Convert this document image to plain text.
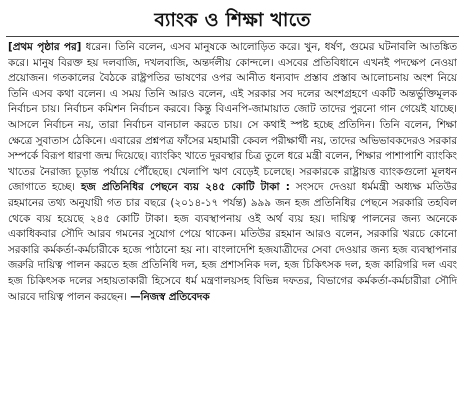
ব্যাংক ও শিক্ষা খাতে

[প্রথম পৃষ্ঠার পর] ধরেন। তিনি বলেন, এসব মানুষকে আলোড়িত করে। খুন, ধর্ষণ, গুমের ঘটনাবলি আতঙ্কিত করে। মানুষ বিরক্ত হয় দলবাজি, দখলবাজি, অন্তর্দলীয় কোন্দলে। এসবের প্রতিবিধানে এখনই পদক্ষেপ নেওয়া প্রয়োজন। গতকালের বৈঠকে রাষ্ট্রপতির ভাষণের ওপর আনীত ধন্যবাদ প্রস্তাব প্রস্তাব আলোচনায় অংশ নিয়ে তিনি এসব কথা বলেন। এ সময় তিনি আরও বলেন, এই সরকার সব দলের অংশগ্রহণে একটি অন্তর্ভুক্তিমূলক নির্বাচন চায়। নির্বাচন কমিশন নির্বাচন করবে। কিন্তু বিএনপি-জামায়াত জোট তাদের পুরনো গান গেয়েই যাচ্ছে। আসলে নির্বাচন নয়, তারা নির্বাচন বানচাল করতে চায়। সে কথাই স্পষ্ট হচ্ছে প্রতিদিন। তিনি বলেন, শিক্ষা ক্ষেত্রে সুবাতাস ঠেকিনে। এবারের প্রশ্নপত্র ফাঁসের মহামারী কেবল পরীক্ষার্থী নয়, তাদের অভিভাবকদেরও সরকার সম্পর্কে বিরূপ ধারণা জন্ম দিয়েছে। ব্যাংকিং খাতে দুরবস্থার চিত্র তুলে ধরে মন্ত্রী বলেন, শিক্ষার পাশাপাশি ব্যাংকিং খাতের নৈরাজ্য চূড়ান্ত পর্যায়ে পৌঁছেছে। খেলাপি ঋণ বেড়েই চলেছে। সরকারকে রাষ্ট্রায়ত্ত ব্যাংকগুলো মূলধন জোগাতে হচ্ছে। হজ প্রতিনিধির পেছনে ব্যয় ২৪৫ কোটি টাকা : সংসদে দেওয়া ধর্মমন্ত্রী অধ্যক্ষ মতিউর রহমানের তথ্য অনুযায়ী গত চার বছরে (২০১৪-১৭ পর্যন্ত) ৯৯৯ জন হজ প্রতিনিধির পেছনে সরকারি তহবিল থেকে ব্যয় হয়েছে ২৪৫ কোটি টাকা। হজ ব্যবস্থাপনায় ওই অর্থ ব্যয় হয়। দায়িত্ব পালনের জন্য অনেকে একাধিকবার সৌদি আরব গমনের সুযোগ পেয়ে থাকেন। মতিউর রহমান আরও বলেন, সরকারি খরচে কোনো সরকারি কর্মকর্তা-কর্মচারীকে হজে পাঠানো হয় না। বাংলাদেশি হজযাত্রীদের সেবা দেওয়ার জন্য হজ ব্যবস্থাপনার জরুরি দায়িত্ব পালন করতে হজ প্রতিনিধি দল, হজ প্রশাসনিক দল, হজ চিকিৎসক দল, হজ কারিগরি দল এবং হজ চিকিৎসক দলের সহায়তাকারী হিসেবে ধর্ম মন্ত্রণালয়সহ বিভিন্ন দফতর, বিভাগের কর্মকর্তা-কর্মচারীরা সৌদি আরবে দায়িত্ব পালন করছেন। —নিজস্ব প্রতিবেদক
